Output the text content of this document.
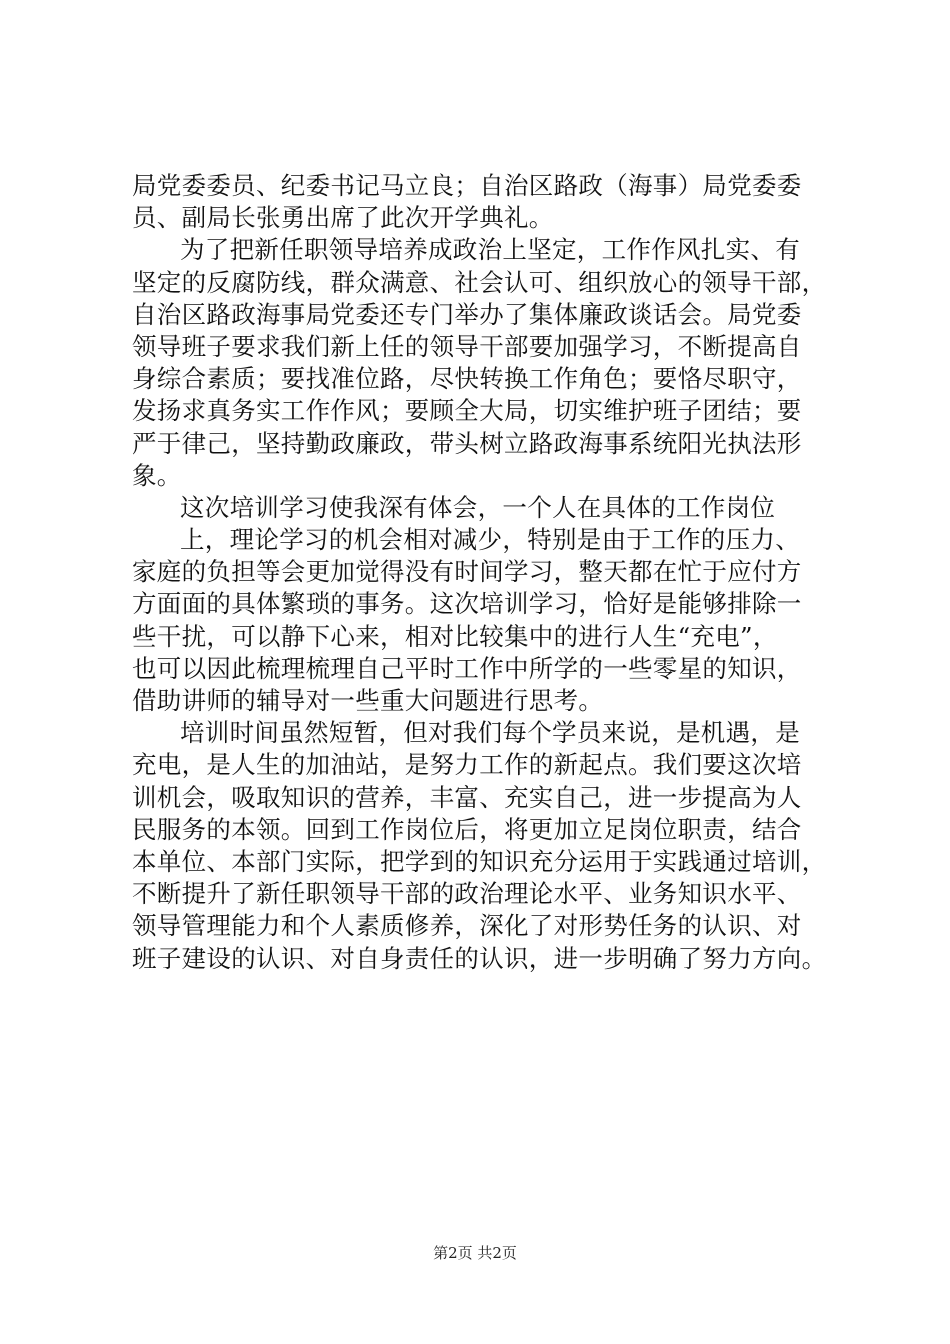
局党委委员、纪委书记马立良；自治区路政（海事）局党委委
员、副局长张勇出席了此次开学典礼。
为了把新任职领导培养成政治上坚定，工作作风扎实、有
坚定的反腐防线，群众满意、社会认可、组织放心的领导干部，
自治区路政海事局党委还专门举办了集体廉政谈话会。局党委
领导班子要求我们新上任的领导干部要加强学习，不断提高自
身综合素质；要找准位路，尽快转换工作角色；要恪尽职守，
发扬求真务实工作作风；要顾全大局，切实维护班子团结；要
严于律己，坚持勤政廉政，带头树立路政海事系统阳光执法形
象。
这次培训学习使我深有体会，一个人在具体的工作岗位
上，理论学习的机会相对减少，特别是由于工作的压力、
家庭的负担等会更加觉得没有时间学习，整天都在忙于应付方
方面面的具体繁琐的事务。这次培训学习，恰好是能够排除一
些干扰，可以静下心来，相对比较集中的进行人生“充电”，
也可以因此梳理梳理自己平时工作中所学的一些零星的知识，
借助讲师的辅导对一些重大问题进行思考。
培训时间虽然短暂，但对我们每个学员来说，是机遇，是
充电，是人生的加油站，是努力工作的新起点。我们要这次培
训机会，吸取知识的营养，丰富、充实自己，进一步提高为人
民服务的本领。回到工作岗位后，将更加立足岗位职责，结合
本单位、本部门实际，把学到的知识充分运用于实践通过培训，
不断提升了新任职领导干部的政治理论水平、业务知识水平、
领导管理能力和个人素质修养，深化了对形势任务的认识、对
班子建设的认识、对自身责任的认识，进一步明确了努力方向。
第2页 共2页
